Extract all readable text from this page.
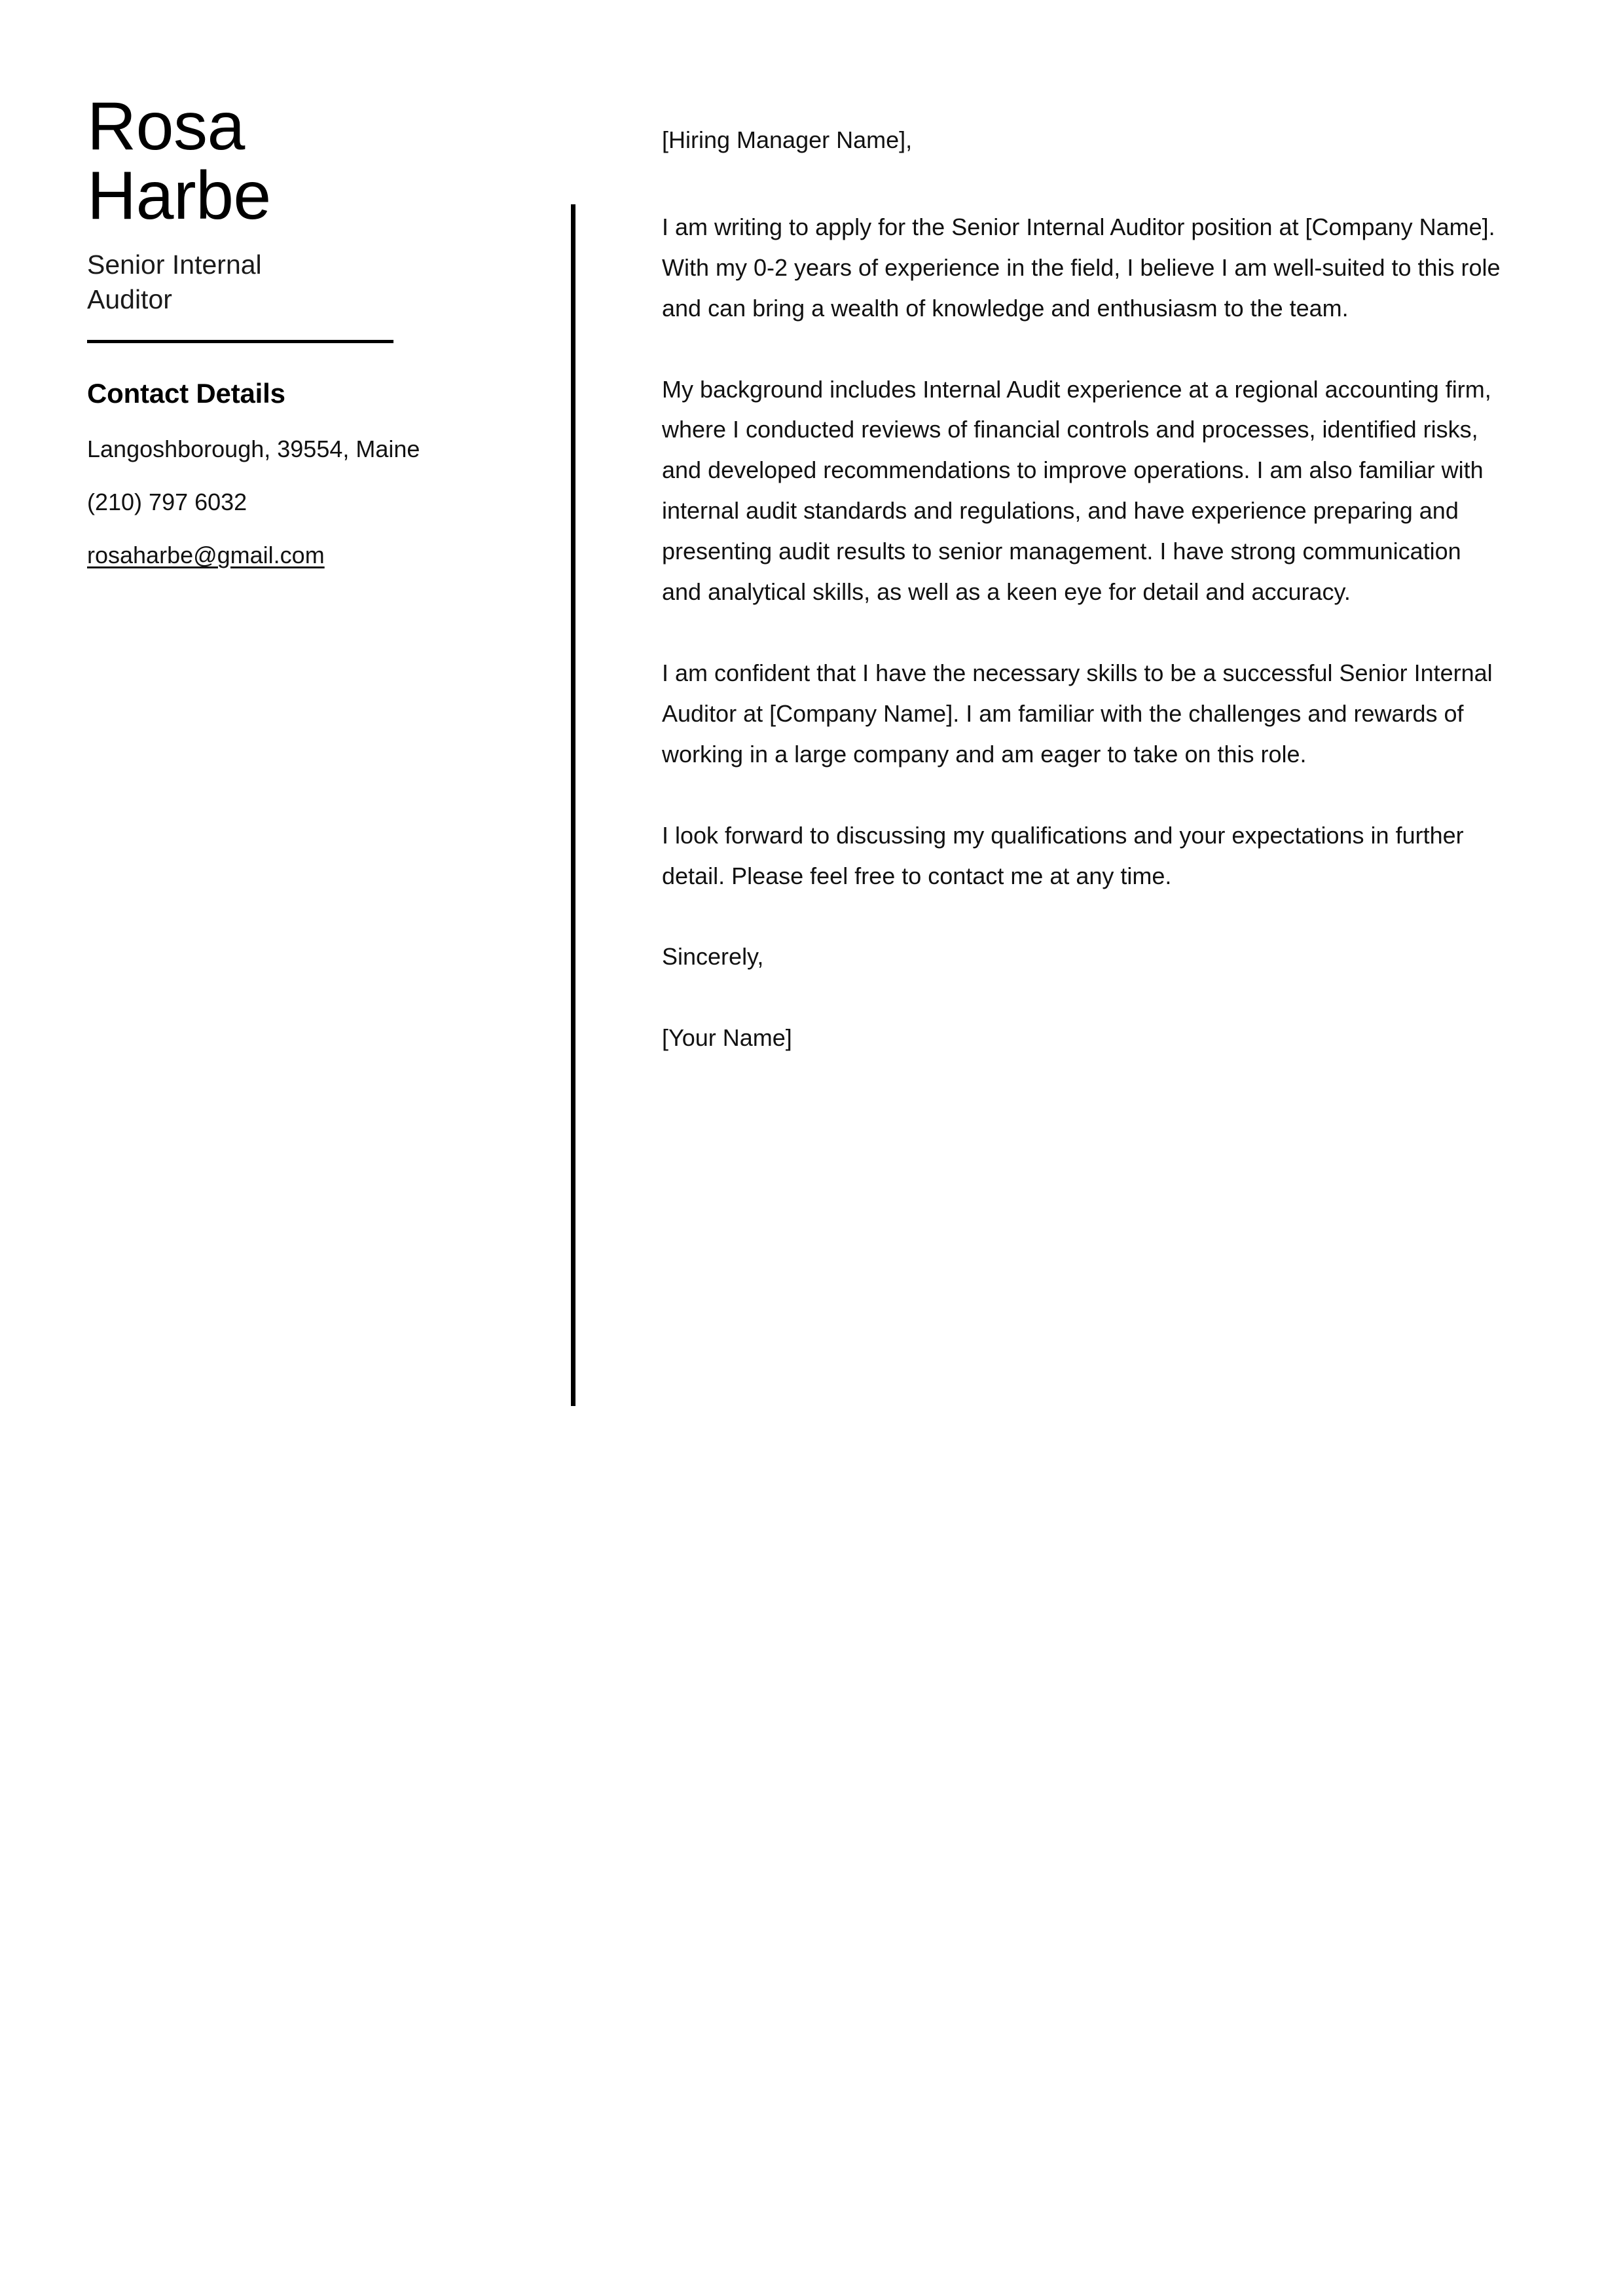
Rosa
Harbe
Senior Internal Auditor
Contact Details
Langoshborough, 39554, Maine
(210) 797 6032
rosaharbe@gmail.com
[Hiring Manager Name],

I am writing to apply for the Senior Internal Auditor position at [Company Name]. With my 0-2 years of experience in the field, I believe I am well-suited to this role and can bring a wealth of knowledge and enthusiasm to the team.

My background includes Internal Audit experience at a regional accounting firm, where I conducted reviews of financial controls and processes, identified risks, and developed recommendations to improve operations. I am also familiar with internal audit standards and regulations, and have experience preparing and presenting audit results to senior management. I have strong communication and analytical skills, as well as a keen eye for detail and accuracy.

I am confident that I have the necessary skills to be a successful Senior Internal Auditor at [Company Name]. I am familiar with the challenges and rewards of working in a large company and am eager to take on this role.

I look forward to discussing my qualifications and your expectations in further detail. Please feel free to contact me at any time.

Sincerely,
[Your Name]
